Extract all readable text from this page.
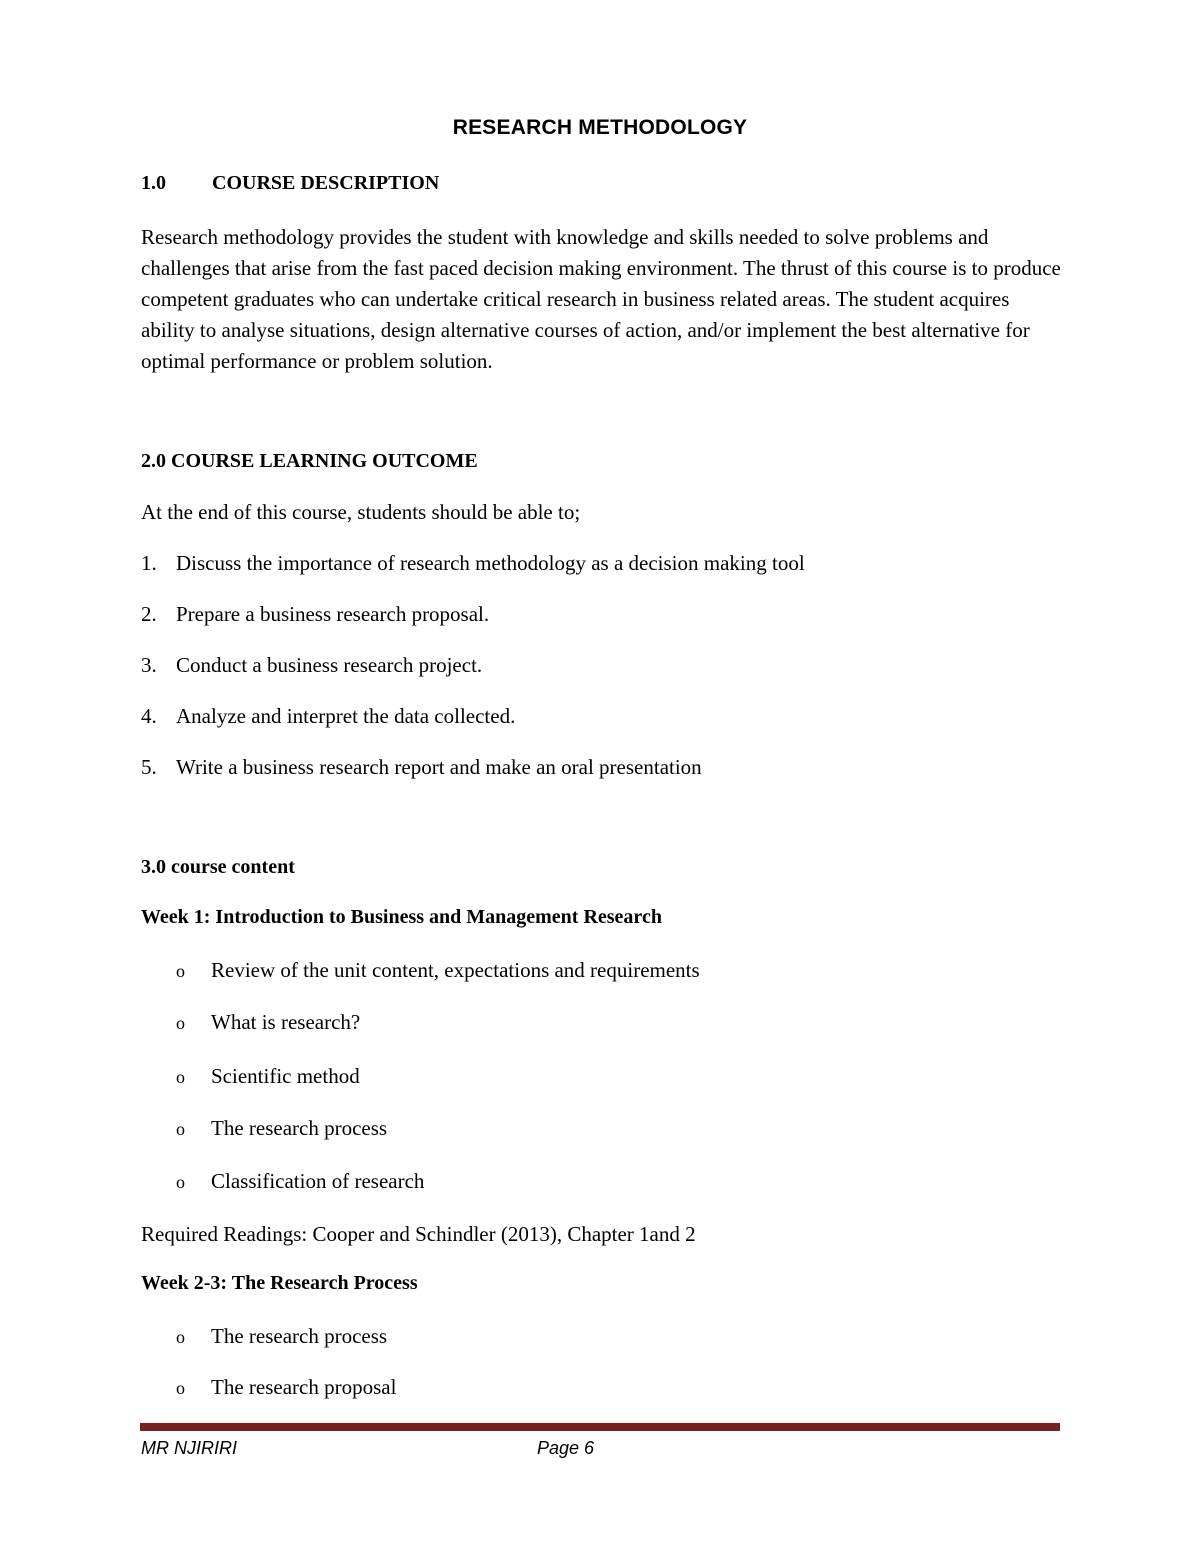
RESEARCH METHODOLOGY
1.0 COURSE DESCRIPTION
Research methodology provides the student with knowledge and skills needed to solve problems and challenges that arise from the fast paced decision making environment. The thrust of this course is to produce competent graduates who can undertake critical research in business related areas. The student acquires ability to analyse situations, design alternative courses of action, and/or implement the best alternative for optimal performance or problem solution.
2.0 COURSE LEARNING OUTCOME
At the end of this course, students should be able to;
1. Discuss the importance of research methodology as a decision making tool
2. Prepare a business research proposal.
3. Conduct a business research project.
4. Analyze and interpret the data collected.
5. Write a business research report and make an oral presentation
3.0 course content
Week 1: Introduction to Business and Management Research
o Review of the unit content, expectations and requirements
o What is research?
o Scientific method
o The research process
o Classification of research
Required Readings: Cooper and Schindler (2013), Chapter 1and 2
Week 2-3: The Research Process
o The research process
o The research proposal
MR NJIRIRI	Page 6
